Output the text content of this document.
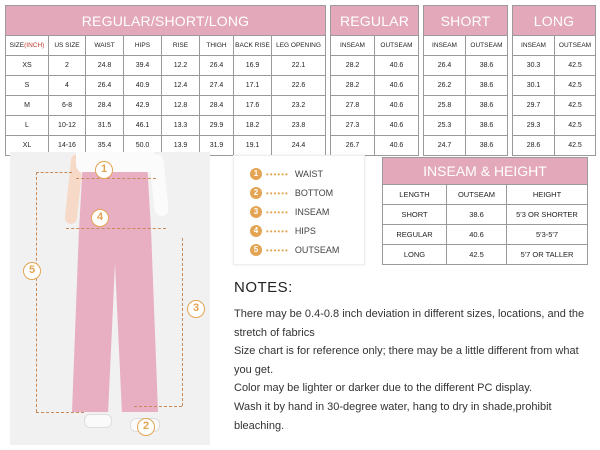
REGULAR/SHORT/LONG									REGULAR			SHORT			LONG	
SIZE(INCH)	US SIZE	WAIST	HIPS	RISE	THIGH	BACK RISE	LEG OPENING		INSEAM	OUTSEAM		INSEAM	OUTSEAM		INSEAM	OUTSEAM
XS	2	24.8	39.4	12.2	26.4	16.9	22.1		28.2	40.6		26.4	38.6		30.3	42.5
S	4	26.4	40.9	12.4	27.4	17.1	22.6		28.2	40.6		26.2	38.6		30.1	42.5
M	6-8	28.4	42.9	12.8	28.4	17.6	23.2		27.8	40.6		25.8	38.6		29.7	42.5
L	10-12	31.5	46.1	13.3	29.9	18.2	23.8		27.3	40.6		25.3	38.6		29.3	42.5
XL	14-16	35.4	50.0	13.9	31.9	19.1	24.4		26.7	40.6		24.7	38.6		28.6	42.5
1
2
3
4
5
1 •••••• WAIST
2 •••••• BOTTOM
3 •••••• INSEAM
4 •••••• HIPS
5 •••••• OUTSEAM
INSEAM & HEIGHT		
LENGTH	OUTSEAM	HEIGHT
SHORT	38.6	5'3 OR SHORTER
REGULAR	40.6	5'3-5'7
LONG	42.5	5'7 OR TALLER
NOTES:

There may be 0.4-0.8 inch deviation in different sizes, locations, and the stretch of fabrics

Size chart is for reference only; there may be a little different from what you get.

Color may be lighter or darker due to the different PC display.

Wash it by hand in 30-degree water, hang to dry in shade,prohibit bleaching.
